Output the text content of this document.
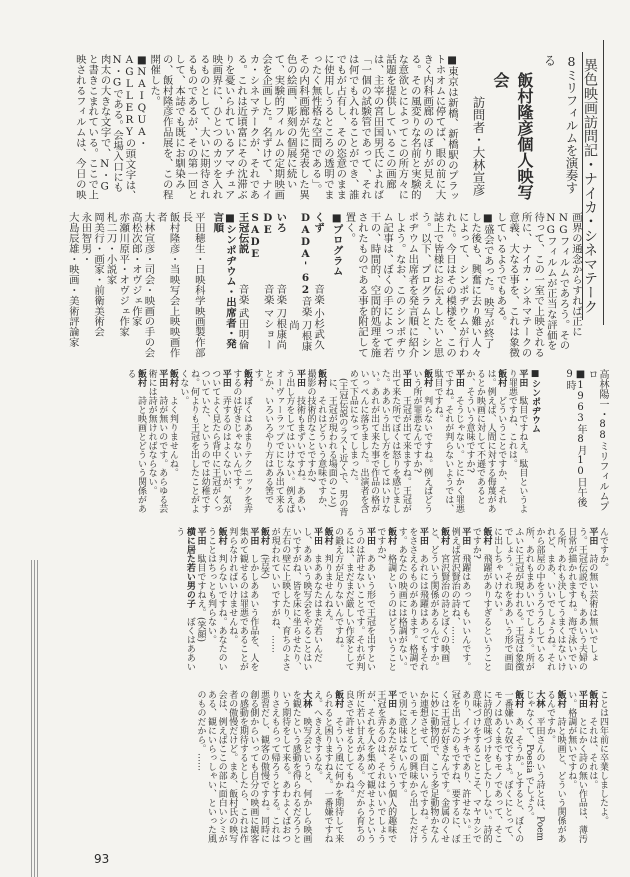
異色映画訪問記・ナイカ・シネマテーク
8ミリフィルムを演奏する
飯村隆彦個人映写会
訪問者・大林宣彦

■東京は新橋、新橋駅のプラットホオムに停てば、眼の前に大きく内科画廊ののぼりが見える。その風変りな名前と実験的な意欲とによってこの所方々に話題を提供しているこの画廊は、主宰の宮田国男氏によれば「一個の試験管であって、それは何でも入れることができ、誰でもが占有し、その恣意のままに使用しうるところの透明でまったく無性格な空間である」。その内科画廊が先に発表した異色の絵画、彫刻の個展に続いて、実験的フィルムの定期映画会を企画した。名ずけて、ナイカ・シネマテークが、それである。これは近頃富にその沈滞ぶりを憂いられているアマチュア映画界に、ひとつのカツを入れるものとして、大いに期待されるものであるが、その第一回として、本誌でも既にお馴染みの、飯村隆彦作品展を、この程開催した。

■NAIQUA・AGLLERYの頭文字は、N・Gである。会場入口にも肉太の大きな文字で、N・Gと書きこまれている。ここで上映されるフィルムは、今日の映

画界の通念からすれば正にNGフィルムであろう。そのNGフィルムが正当な評価を待って、この一室で上映される所に、ナイカ・シネマテークの意義、大なる事を、これは象徴しているようでもある。

■盛会であった。映写が終了した後も、興奮に去り難い人々によって、シンポヂウムが行われた。今日はその模様を、この誌上で皆様にお伝えしたいと思う。以下、プログラムと、シンポヂウム出席者を発言順に紹介しよう。なお、このシンポヂウム記事は、ぼくの手によって若干の、時間的、空間的処理を施されたものである事を附記して置く。

■プログラム
くず
音楽
小杉武久
DADA'62
音楽
刀根康尚
いろ
音楽
刀根康尚
DE SADE
音楽
マショー
王冠伝説
音楽
武田明倫
■シンポヂウム・出席者・発言順
平田穂生・日映科学映画製作部長
飯村隆彦・当映写会上映映画作者
大林宣彦・司会・映画の手の会
高松次郎・オヴジェ作家
赤瀬川原平・オヴジェ作家
札二刀・小説家
岡美行・画家・前衛美術会
永田智男・
大島辰雄・映画・美術評論家
高林陽一・88ミリフィルムプロ
■1963年8月10日午後9時
■シンポヂウム

平田駄目ですねえ。駄目というより罪悪ですね、これは。

飯村どういうことですか、それは。例えば、人間に対する侮蔑があるとか映画に対して不遜であるとか、そういう意味ですか?

平田そうじゃない。とにかく罪悪ですね。それが判らないようでは、駄目ですね。

飯村判らないですね。例えばどういう所が罪悪なんですか?

平田王冠が出て来ますね。王冠が出て来た所でぼくは怒りを感じました。ああいう出し方をしてはいけない。あれが出て来た事で作品の格がいっぺんに落ちました。出演者を含めて下品になってしまった。

(王冠伝説のラスト近くで、男の背に、王冠が現われる場面のこと)

飯村それはどういう意味ですか、撮影の技術的なことですか?

平田技術もまずいですね。ああいう出し方をしてはいけない。例えばオーヴァーラップでにじみ出て来るとか、いろいろやり方はある筈です。

飯村ぼくはあまりテクニックを弄するのは好きじゃないんです。

平田弄するのはよくないが、気がついてよく見たら背中に王冠がくっついていた、というのでは幼稚ですね。何よりも王冠を出したことがよくない。

飯村よく判りませんね。

平田詩が無いのです。あらゆる芸術には詩が無ければならない。

飯村詩と映画とどういう関係がある

んですか。

平田詩の無い芸術は無いでしょう。王冠伝説でも、ああいう夫婦の日常が描かれますね。海で泳いでいる所、あれも決してうまくはないけれど、まあ、いいでしょうね。それから部屋の中をうろうろしている所、あれもまあいいでしょう。所がふいに王冠が現われる。王冠は象徴でしょう。それをああいう形で画面に出しちゃいけない。

飯村飛躍がありすぎるということですか?

平田飛躍はあってもいいんです。例えば宮沢賢治の詩ね、……

飯村宮沢賢治の詩とぼくの映画と、どういう関係があるんですか。

平田あれには飛躍はあってもそれをささえるものがあります。格調です。あなたの映画には格調がない。

飯村格調というのはどういうことですか?

平田ああいう形で王冠を出すというのは許せないことです。それが判るには、まだまだ厳しい作家としての鍛え方が足りないんですね。

飯村判りませんねえ。

平田まああなたはまだ若いんだし、ああいう映写会をやることはいいですがね、皆を床に坐らせたり、左右の壁に上映したり、育ちのよさが現われていいですがね、……

飯村(苦笑)

平田しかしああいう作品を、人を集めて観せるのは罪悪であることが判らなければいけませんね。

飯村判らないですね。あなたのいうことはちっとも判らない。

平田駄目ですねえ。(笑顔)

横に居た若い男の子ぼくはああいう

ことは四年前に卒業しましたよ。

飯村それは、それは。

平田とにかく詩の無い作品は、薄汚い。格調が無いですね。

飯村詩と映画と、どういう関係があるんですか。

大林平田さんのいう詩とは、Poemじゃなくて、Poesia でしょう。

飯村あ、そうか。とすると、ぼくの一番嫌いな奴ですよ。ぼくにとって、モノはあくまでもモノであって、そこに詩的意味づけをしたりしない。詩的意味づけをすることこそ、マヤカシであり、インチキであり、許せない。王冠を出したのもですね、要するに、ぼくは王冠が好きなんです。金属のくせに妙に動物的で、こう多足動物かなんか連想させて、面白いんですね。そういうモノとしての興味から出しただけで別に意味はないんです。

平田あなたがそういう個人的趣味で王冠を弄るのは、それはいいでしょうが、それを人を集めて観せようという所に若い甘えがある。今だから育ちの良さで許せるとしてもね。

飯村そういう風に何かを期待して来られると困りますねえ。一番嫌ですねえ。へきえきするな。

大林映写会というと、何かしら映画を観たという感動を得られるだろうという期待をして来る。あわよくばおつりさえもらって帰ろうとする。これは悪習だし、観客の傲慢ですね。同時に創る側からいっても自分の映画に観客の感動を期待するとしたら、これは作者の傲慢だけど。まあ、飯村氏の映写会は、例えばここの部に面白いシミがある、観にいらっしゃい、といった風のものだから。……

93
